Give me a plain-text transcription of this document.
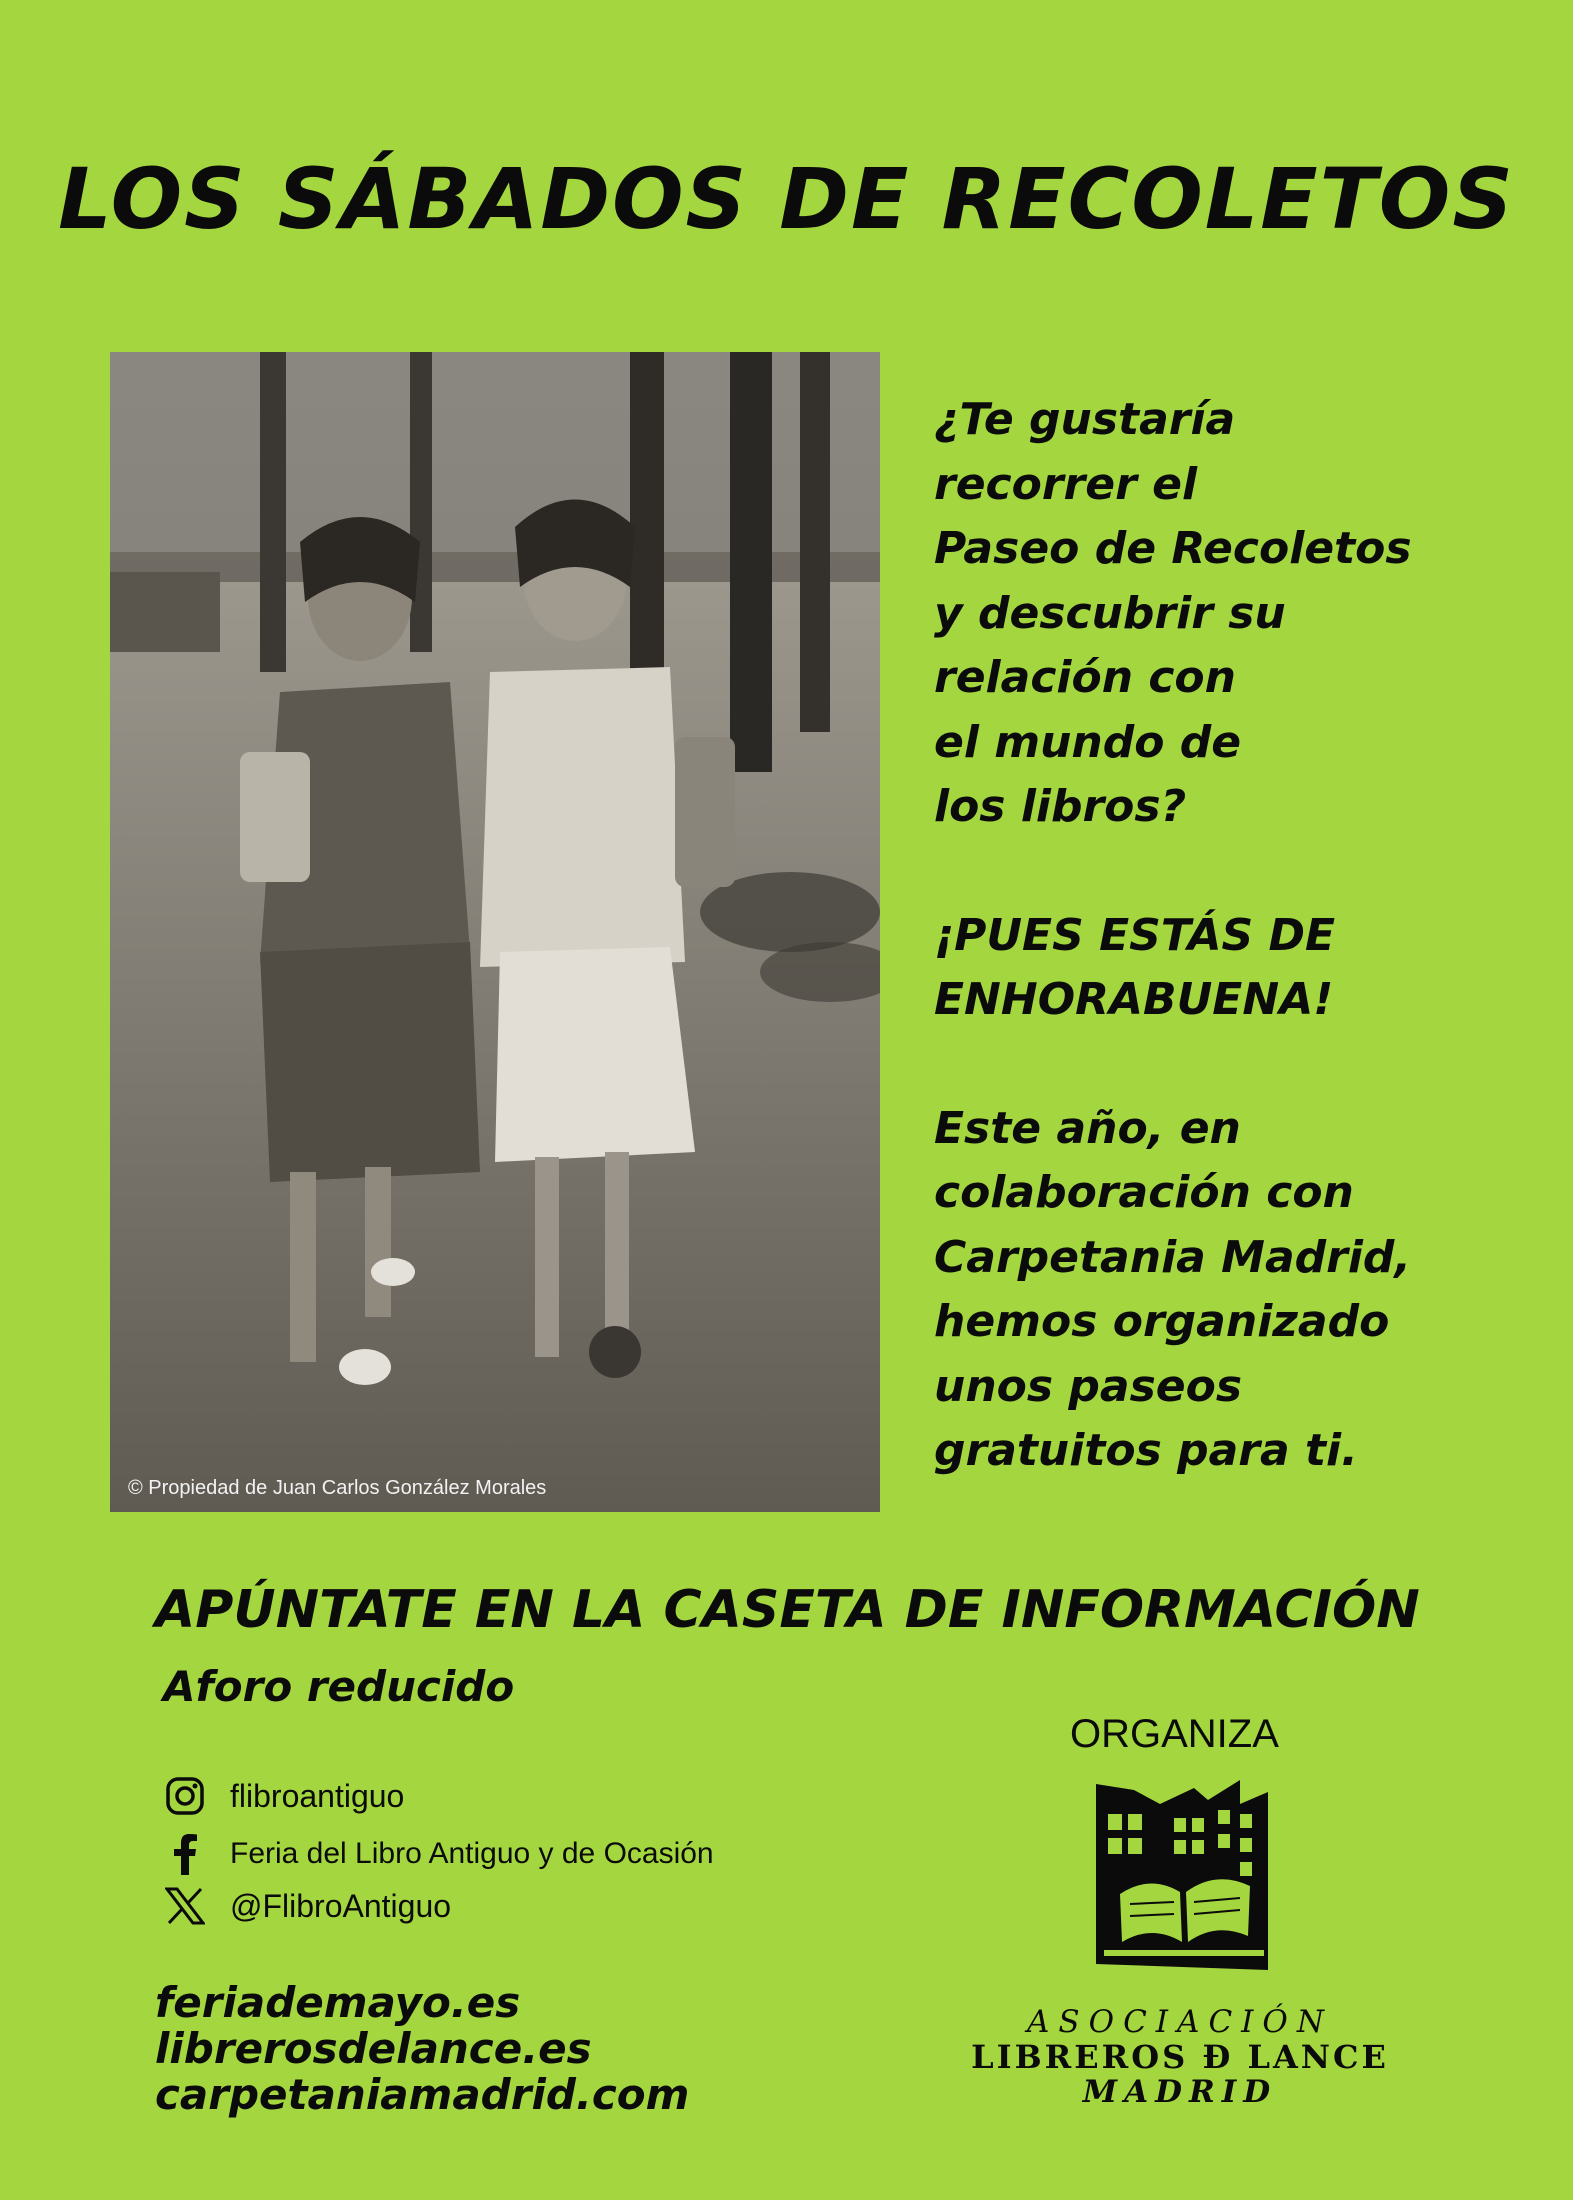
LOS SÁBADOS DE RECOLETOS
© Propiedad de Juan Carlos González Morales
¿Te gustaría
recorrer el
Paseo de Recoletos
y descubrir su
relación con
el mundo de
los libros?
¡PUES ESTÁS DE
ENHORABUENA!
Este año, en
colaboración con
Carpetania Madrid,
hemos organizado
unos paseos
gratuitos para ti.
APÚNTATE EN LA CASETA DE INFORMACIÓN
Aforo reducido
flibroantiguo
Feria del Libro Antiguo y de Ocasión
@FlibroAntiguo
feriademayo.es
librerosdelance.es
carpetaniamadrid.com
ORGANIZA
ASOCIACIÓN
LIBREROS Ð LANCE
MADRID
